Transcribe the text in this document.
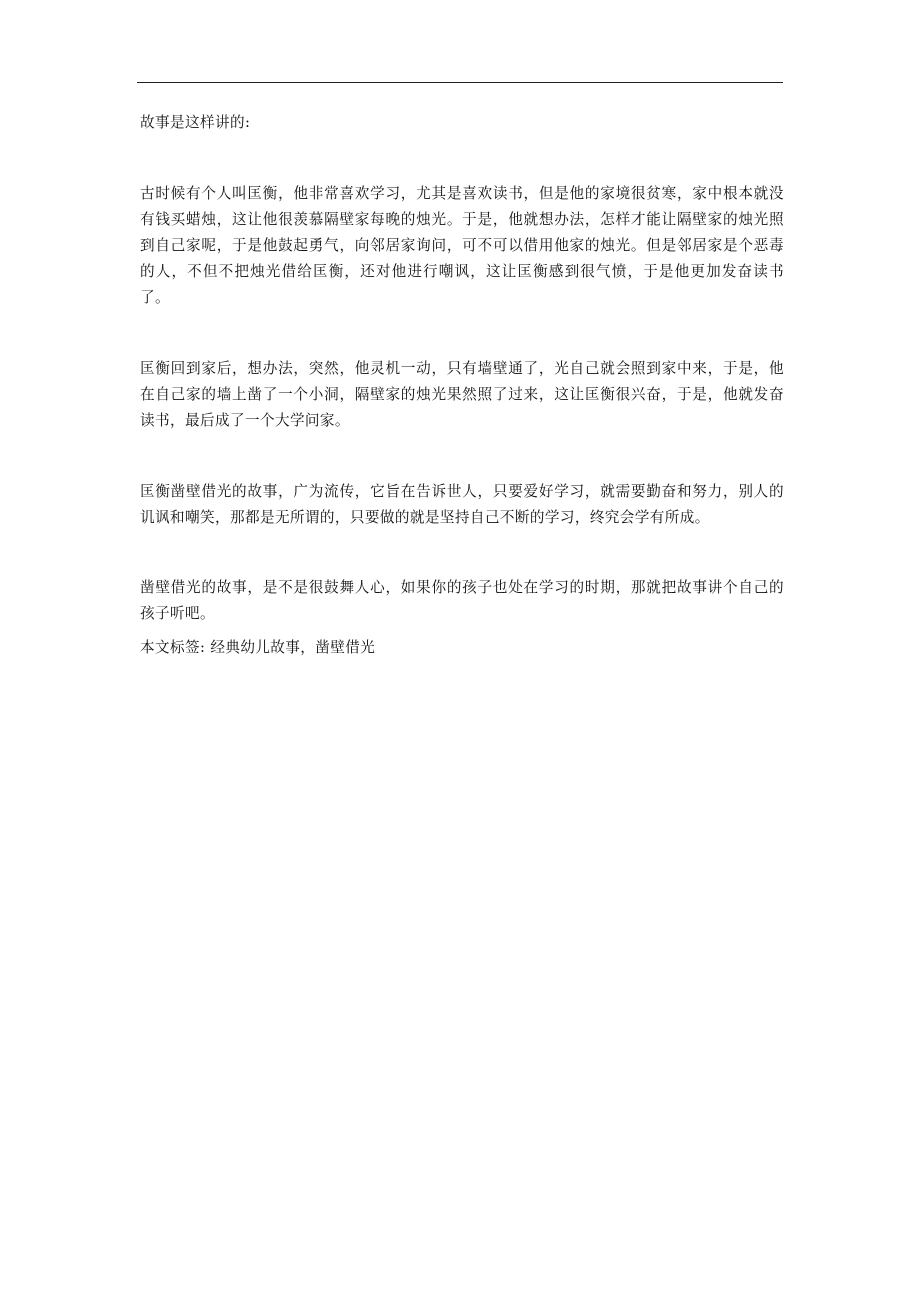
故事是这样讲的:

古时候有个人叫匡衡，他非常喜欢学习，尤其是喜欢读书，但是他的家境很贫寒，家中根本就没有钱买蜡烛，这让他很羡慕隔壁家每晚的烛光。于是，他就想办法，怎样才能让隔壁家的烛光照到自己家呢，于是他鼓起勇气，向邻居家询问，可不可以借用他家的烛光。但是邻居家是个恶毒的人，不但不把烛光借给匡衡，还对他进行嘲讽，这让匡衡感到很气愤，于是他更加发奋读书了。

匡衡回到家后，想办法，突然，他灵机一动，只有墙壁通了，光自己就会照到家中来，于是，他在自己家的墙上凿了一个小洞，隔壁家的烛光果然照了过来，这让匡衡很兴奋，于是，他就发奋读书，最后成了一个大学问家。

匡衡凿壁借光的故事，广为流传，它旨在告诉世人，只要爱好学习，就需要勤奋和努力，别人的讥讽和嘲笑，那都是无所谓的，只要做的就是坚持自己不断的学习，终究会学有所成。

凿壁借光的故事，是不是很鼓舞人心，如果你的孩子也处在学习的时期，那就把故事讲个自己的孩子听吧。

本文标签: 经典幼儿故事，凿壁借光
